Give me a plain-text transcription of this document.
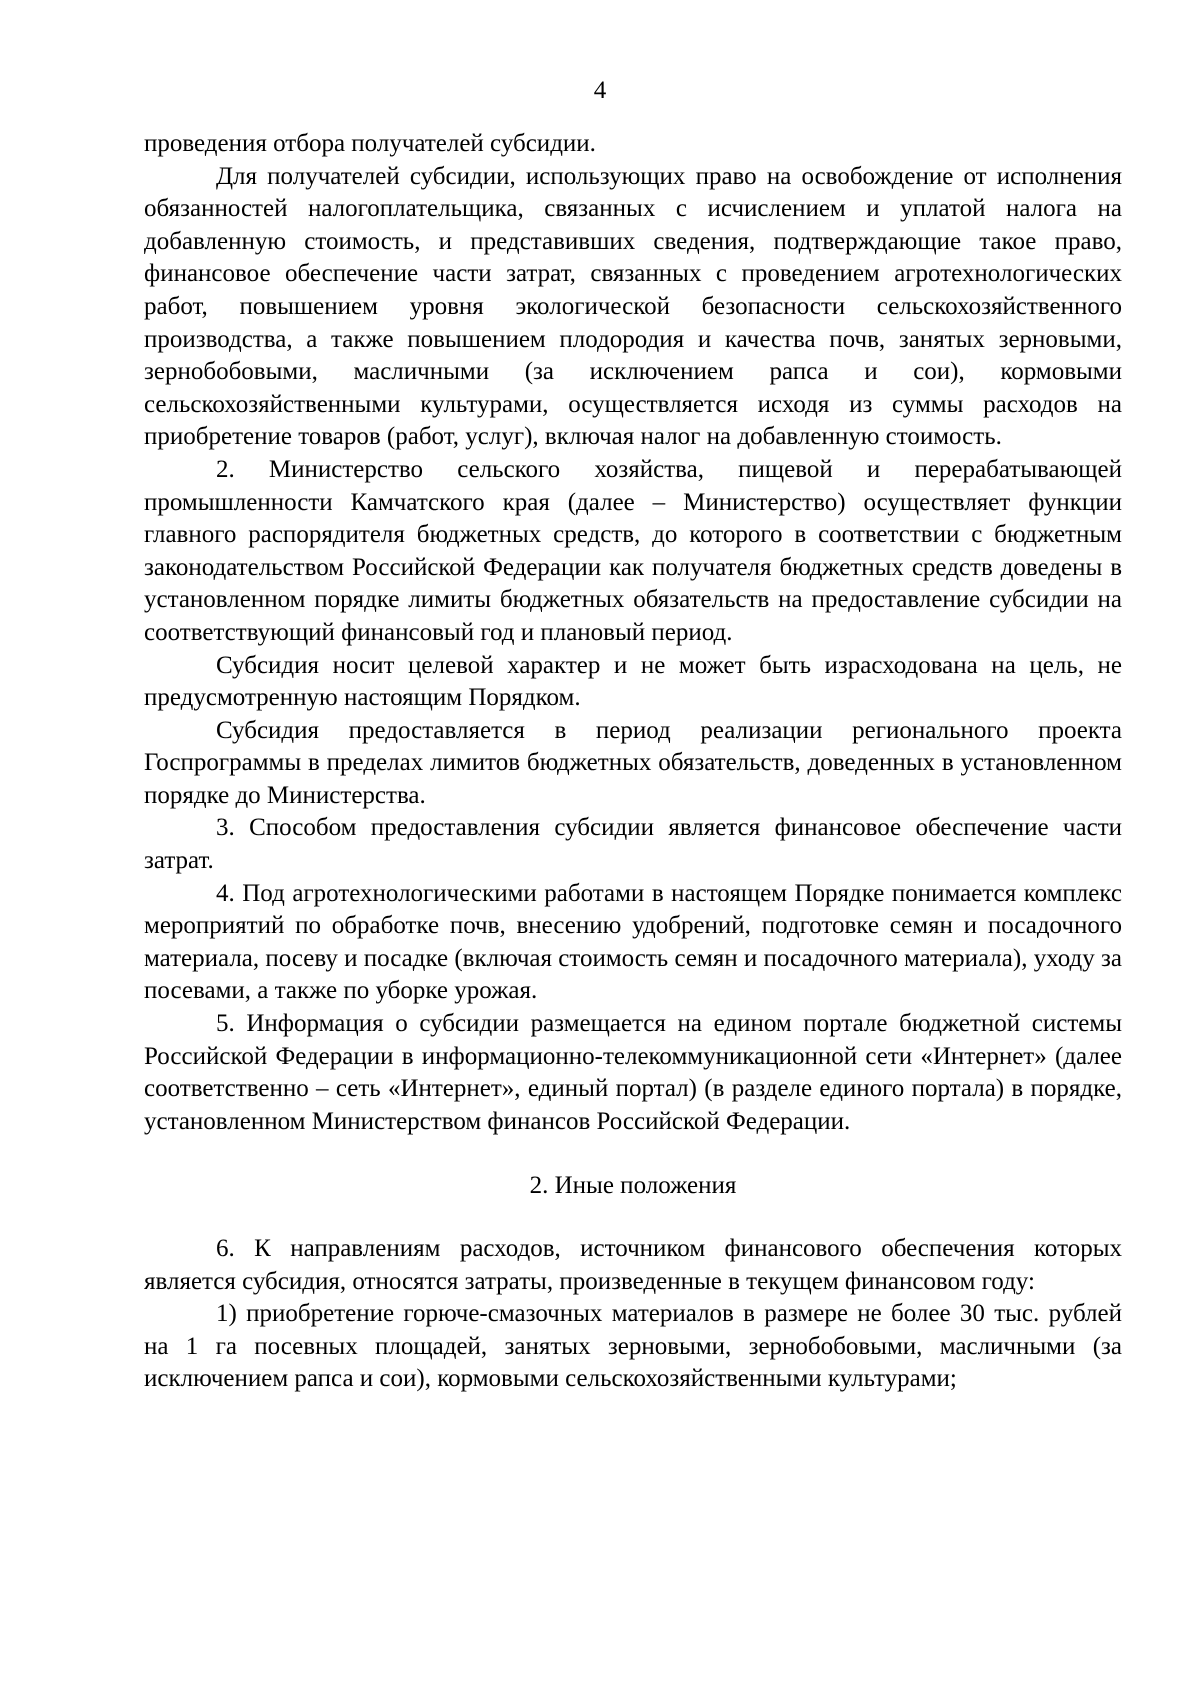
4

проведения отбора получателей субсидии.

Для получателей субсидии, использующих право на освобождение от исполнения обязанностей налогоплательщика, связанных с исчислением и уплатой налога на добавленную стоимость, и представивших сведения, подтверждающие такое право, финансовое обеспечение части затрат, связанных с проведением агротехнологических работ, повышением уровня экологической безопасности сельскохозяйственного производства, а также повышением плодородия и качества почв, занятых зерновыми, зернобобовыми, масличными (за исключением рапса и сои), кормовыми сельскохозяйственными культурами, осуществляется исходя из суммы расходов на приобретение товаров (работ, услуг), включая налог на добавленную стоимость.

2. Министерство сельского хозяйства, пищевой и перерабатывающей промышленности Камчатского края (далее – Министерство) осуществляет функции главного распорядителя бюджетных средств, до которого в соответствии с бюджетным законодательством Российской Федерации как получателя бюджетных средств доведены в установленном порядке лимиты бюджетных обязательств на предоставление субсидии на соответствующий финансовый год и плановый период.

Субсидия носит целевой характер и не может быть израсходована на цель, не предусмотренную настоящим Порядком.

Субсидия предоставляется в период реализации регионального проекта Госпрограммы в пределах лимитов бюджетных обязательств, доведенных в установленном порядке до Министерства.

3. Способом предоставления субсидии является финансовое обеспечение части затрат.

4. Под агротехнологическими работами в настоящем Порядке понимается комплекс мероприятий по обработке почв, внесению удобрений, подготовке семян и посадочного материала, посеву и посадке (включая стоимость семян и посадочного материала), уходу за посевами, а также по уборке урожая.

5. Информация о субсидии размещается на едином портале бюджетной системы Российской Федерации в информационно-телекоммуникационной сети «Интернет» (далее соответственно – сеть «Интернет», единый портал) (в разделе единого портала) в порядке, установленном Министерством финансов Российской Федерации.

2. Иные положения

6. К направлениям расходов, источником финансового обеспечения которых является субсидия, относятся затраты, произведенные в текущем финансовом году:

1) приобретение горюче-смазочных материалов в размере не более 30 тыс. рублей на 1 га посевных площадей, занятых зерновыми, зернобобовыми, масличными (за исключением рапса и сои), кормовыми сельскохозяйственными культурами;
